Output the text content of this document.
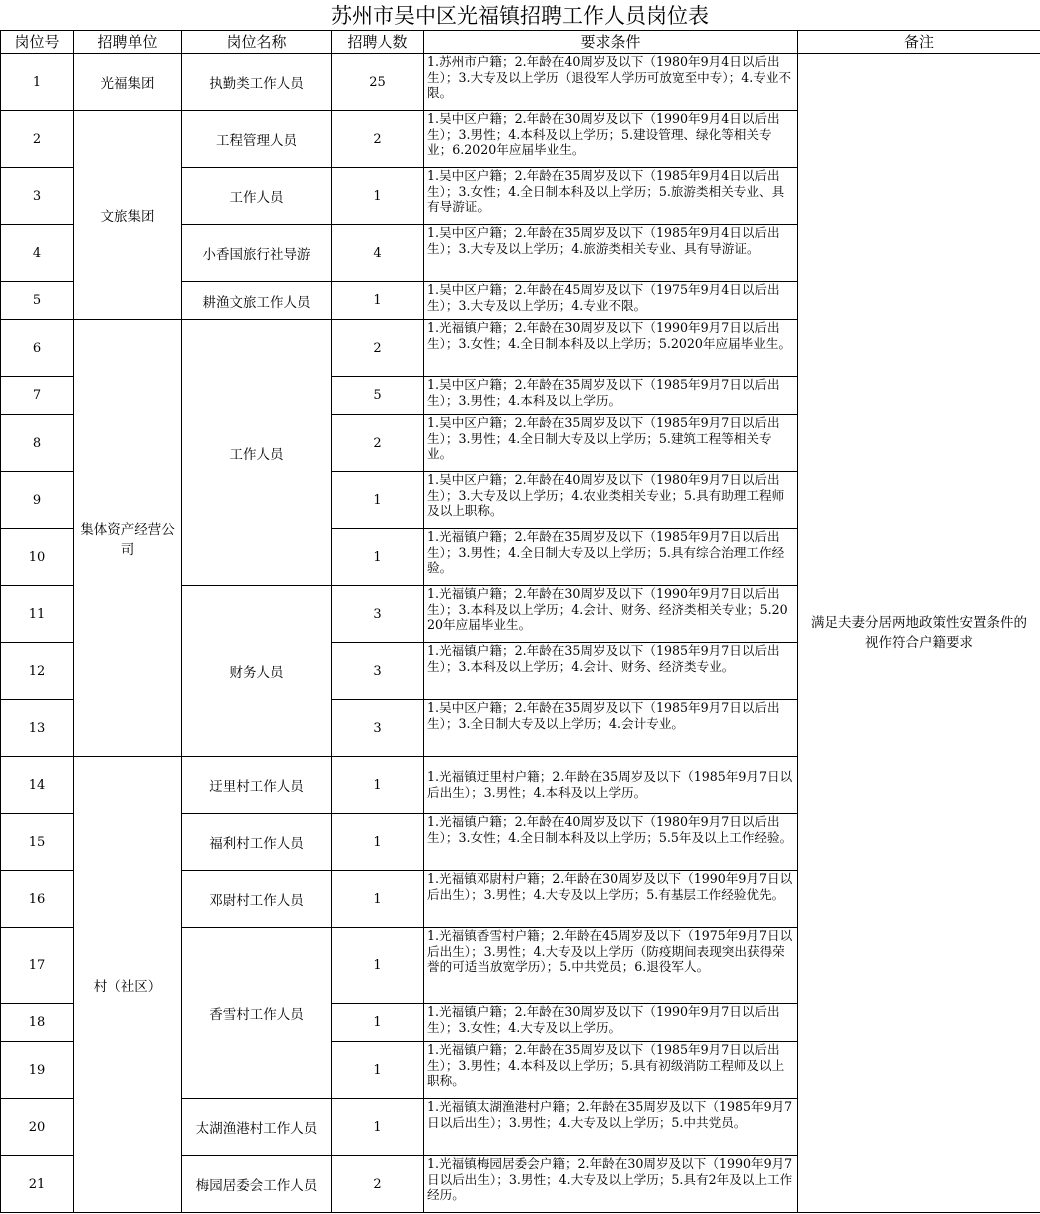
苏州市吴中区光福镇招聘工作人员岗位表
岗位号	招聘单位	岗位名称	招聘人数	要求条件	备注
1	光福集团	执勤类工作人员	25	1.苏州市户籍；2.年龄在40周岁及以下（1980年9月4日以后出生）；3.大专及以上学历（退役军人学历可放宽至中专）；4.专业不限。	满足夫妻分居两地政策性安置条件的视作符合户籍要求
2	文旅集团	工程管理人员	2	1.吴中区户籍；2.年龄在30周岁及以下（1990年9月4日以后出生）；3.男性；4.本科及以上学历；5.建设管理、绿化等相关专业；6.2020年应届毕业生。	
3		工作人员	1	1.吴中区户籍；2.年龄在35周岁及以下（1985年9月4日以后出生）；3.女性；4.全日制本科及以上学历；5.旅游类相关专业、具有导游证。	
4		小香国旅行社导游	4	1.吴中区户籍；2.年龄在35周岁及以下（1985年9月4日以后出生）；3.大专及以上学历；4.旅游类相关专业、具有导游证。	
5		耕渔文旅工作人员	1	1.吴中区户籍；2.年龄在45周岁及以下（1975年9月4日以后出生）；3.大专及以上学历；4.专业不限。	
6	集体资产经营公司	工作人员	2	1.光福镇户籍；2.年龄在30周岁及以下（1990年9月7日以后出生）；3.女性；4.全日制本科及以上学历；5.2020年应届毕业生。	
7			5	1.吴中区户籍；2.年龄在35周岁及以下（1985年9月7日以后出生）；3.男性；4.本科及以上学历。	
8			2	1.吴中区户籍；2.年龄在35周岁及以下（1985年9月7日以后出生）；3.男性；4.全日制大专及以上学历；5.建筑工程等相关专业。	
9			1	1.吴中区户籍；2.年龄在40周岁及以下（1980年9月7日以后出生）；3.大专及以上学历；4.农业类相关专业；5.具有助理工程师及以上职称。	
10			1	1.光福镇户籍；2.年龄在35周岁及以下（1985年9月7日以后出生）；3.男性；4.全日制大专及以上学历；5.具有综合治理工作经验。	
11		财务人员	3	1.光福镇户籍；2.年龄在30周岁及以下（1990年9月7日以后出生）；3.本科及以上学历；4.会计、财务、经济类相关专业；5.2020年应届毕业生。	
12			3	1.光福镇户籍；2.年龄在35周岁及以下（1985年9月7日以后出生）；3.本科及以上学历；4.会计、财务、经济类专业。	
13			3	1.吴中区户籍；2.年龄在35周岁及以下（1985年9月7日以后出生）；3.全日制大专及以上学历；4.会计专业。	
14	村（社区）	迂里村工作人员	1	1.光福镇迂里村户籍；2.年龄在35周岁及以下（1985年9月7日以后出生）；3.男性；4.本科及以上学历。	
15		福利村工作人员	1	1.光福镇户籍；2.年龄在40周岁及以下（1980年9月7日以后出生）；3.女性；4.全日制本科及以上学历；5.5年及以上工作经验。	
16		邓尉村工作人员	1	1.光福镇邓尉村户籍；2.年龄在30周岁及以下（1990年9月7日以后出生）；3.男性；4.大专及以上学历；5.有基层工作经验优先。	
17		香雪村工作人员	1	1.光福镇香雪村户籍；2.年龄在45周岁及以下（1975年9月7日以后出生）；3.男性；4.大专及以上学历（防疫期间表现突出获得荣誉的可适当放宽学历）；5.中共党员；6.退役军人。	
18			1	1.光福镇户籍；2.年龄在30周岁及以下（1990年9月7日以后出生）；3.女性；4.大专及以上学历。	
19			1	1.光福镇户籍；2.年龄在35周岁及以下（1985年9月7日以后出生）；3.男性；4.本科及以上学历；5.具有初级消防工程师及以上职称。	
20		太湖渔港村工作人员	1	1.光福镇太湖渔港村户籍；2.年龄在35周岁及以下（1985年9月7日以后出生）；3.男性；4.大专及以上学历；5.中共党员。	
21		梅园居委会工作人员	2	1.光福镇梅园居委会户籍；2.年龄在30周岁及以下（1990年9月7日以后出生）；3.男性；4.大专及以上学历；5.具有2年及以上工作经历。	
